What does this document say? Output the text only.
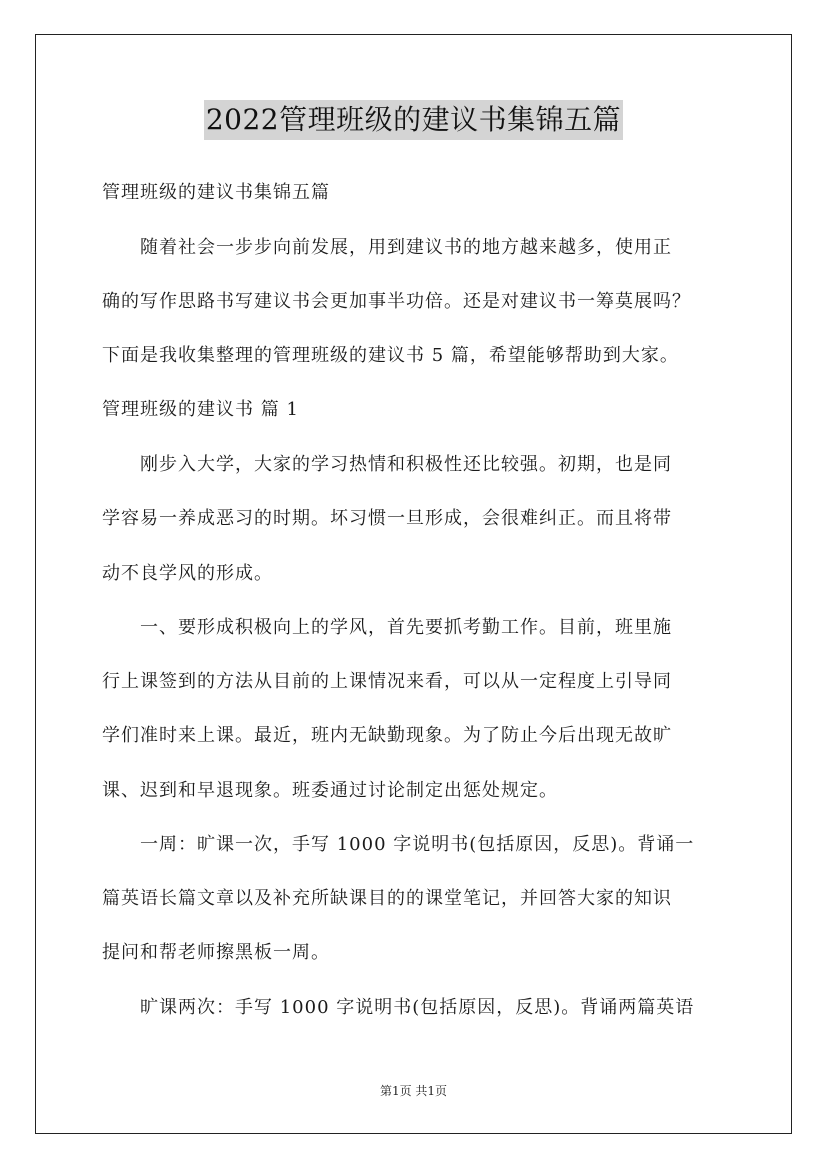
2022管理班级的建议书集锦五篇
管理班级的建议书集锦五篇
　　随着社会一步步向前发展，用到建议书的地方越来越多，使用正
确的写作思路书写建议书会更加事半功倍。还是对建议书一筹莫展吗？
下面是我收集整理的管理班级的建议书 5 篇，希望能够帮助到大家。
管理班级的建议书 篇 1
　　刚步入大学，大家的学习热情和积极性还比较强。初期，也是同
学容易一养成恶习的时期。坏习惯一旦形成，会很难纠正。而且将带
动不良学风的形成。
　　一、要形成积极向上的学风，首先要抓考勤工作。目前，班里施
行上课签到的方法从目前的上课情况来看，可以从一定程度上引导同
学们准时来上课。最近，班内无缺勤现象。为了防止今后出现无故旷
课、迟到和早退现象。班委通过讨论制定出惩处规定。
　　一周：旷课一次，手写 1000 字说明书(包括原因，反思)。背诵一
篇英语长篇文章以及补充所缺课目的的课堂笔记，并回答大家的知识
提问和帮老师擦黑板一周。
　　旷课两次：手写 1000 字说明书(包括原因，反思)。背诵两篇英语
第1页 共1页
